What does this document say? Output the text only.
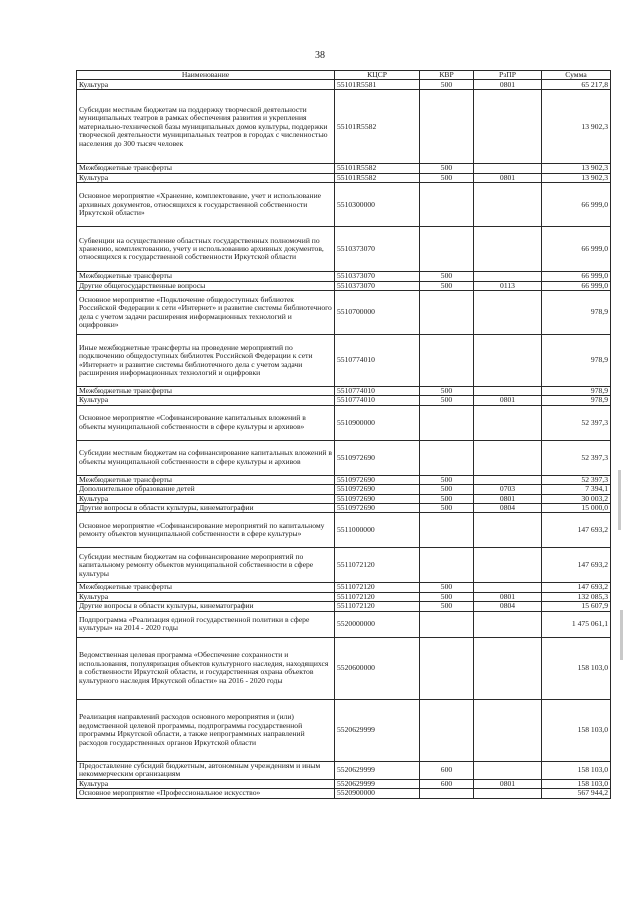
38
Наименование	КЦСР	КВР	РзПР	Сумма
Культура	55101R5581	500	0801	65 217,8
Субсидии местным бюджетам на поддержку творческой деятельности муниципальных театров в рамках обеспечения развития и укрепления материально-технической базы муниципальных домов культуры, поддержки творческой деятельности муниципальных театров в городах с численностью населения до 300 тысяч человек	55101R5582			13 902,3
Межбюджетные трансферты	55101R5582	500		13 902,3
Культура	55101R5582	500	0801	13 902,3
Основное мероприятие «Хранение, комплектование, учет и использование архивных документов, относящихся к государственной собственности Иркутской области»	5510300000			66 999,0
Субвенции на осуществление областных государственных полномочий по хранению, комплектованию, учету и использованию архивных документов, относящихся к государственной собственности Иркутской области	5510373070			66 999,0
Межбюджетные трансферты	5510373070	500		66 999,0
Другие общегосударственные вопросы	5510373070	500	0113	66 999,0
Основное мероприятие «Подключение общедоступных библиотек Российской Федерации к сети «Интернет» и развитие системы библиотечного дела с учетом задачи расширения информационных технологий и оцифровки»	5510700000			978,9
Иные межбюджетные трансферты на проведение мероприятий по подключению общедоступных библиотек Российской Федерации к сети «Интернет» и развитие системы библиотечного дела с учетом задачи расширения информационных технологий и оцифровки	5510774010			978,9
Межбюджетные трансферты	5510774010	500		978,9
Культура	5510774010	500	0801	978,9
Основное мероприятие «Софинансирование капитальных вложений в объекты муниципальной собственности в сфере культуры и архивов»	5510900000			52 397,3
Субсидии местным бюджетам на софинансирование капитальных вложений в объекты муниципальной собственности в сфере культуры и архивов	5510972690			52 397,3
Межбюджетные трансферты	5510972690	500		52 397,3
Дополнительное образование детей	5510972690	500	0703	7 394,1
Культура	5510972690	500	0801	30 003,2
Другие вопросы в области культуры, кинематографии	5510972690	500	0804	15 000,0
Основное мероприятие «Софинансирование мероприятий по капитальному ремонту объектов муниципальной собственности в сфере культуры»	5511000000			147 693,2
Субсидии местным бюджетам на софинансирование мероприятий по капитальному ремонту объектов муниципальной собственности в сфере культуры	5511072120			147 693,2
Межбюджетные трансферты	5511072120	500		147 693,2
Культура	5511072120	500	0801	132 085,3
Другие вопросы в области культуры, кинематографии	5511072120	500	0804	15 607,9
Подпрограмма «Реализация единой государственной политики в сфере культуры» на 2014 - 2020 годы	5520000000			1 475 061,1
Ведомственная целевая программа «Обеспечение сохранности и использования, популяризация объектов культурного наследия, находящихся в собственности Иркутской области, и государственная охрана объектов культурного наследия Иркутской области» на 2016 - 2020 годы	5520600000			158 103,0
Реализация направлений расходов основного мероприятия и (или) ведомственной целевой программы, подпрограммы государственной программы Иркутской области, а также непрограммных направлений расходов государственных органов Иркутской области	5520629999			158 103,0
Предоставление субсидий бюджетным, автономным учреждениям и иным некоммерческим организациям	5520629999	600		158 103,0
Культура	5520629999	600	0801	158 103,0
Основное мероприятие «Профессиональное искусство»	5520900000			567 944,2
